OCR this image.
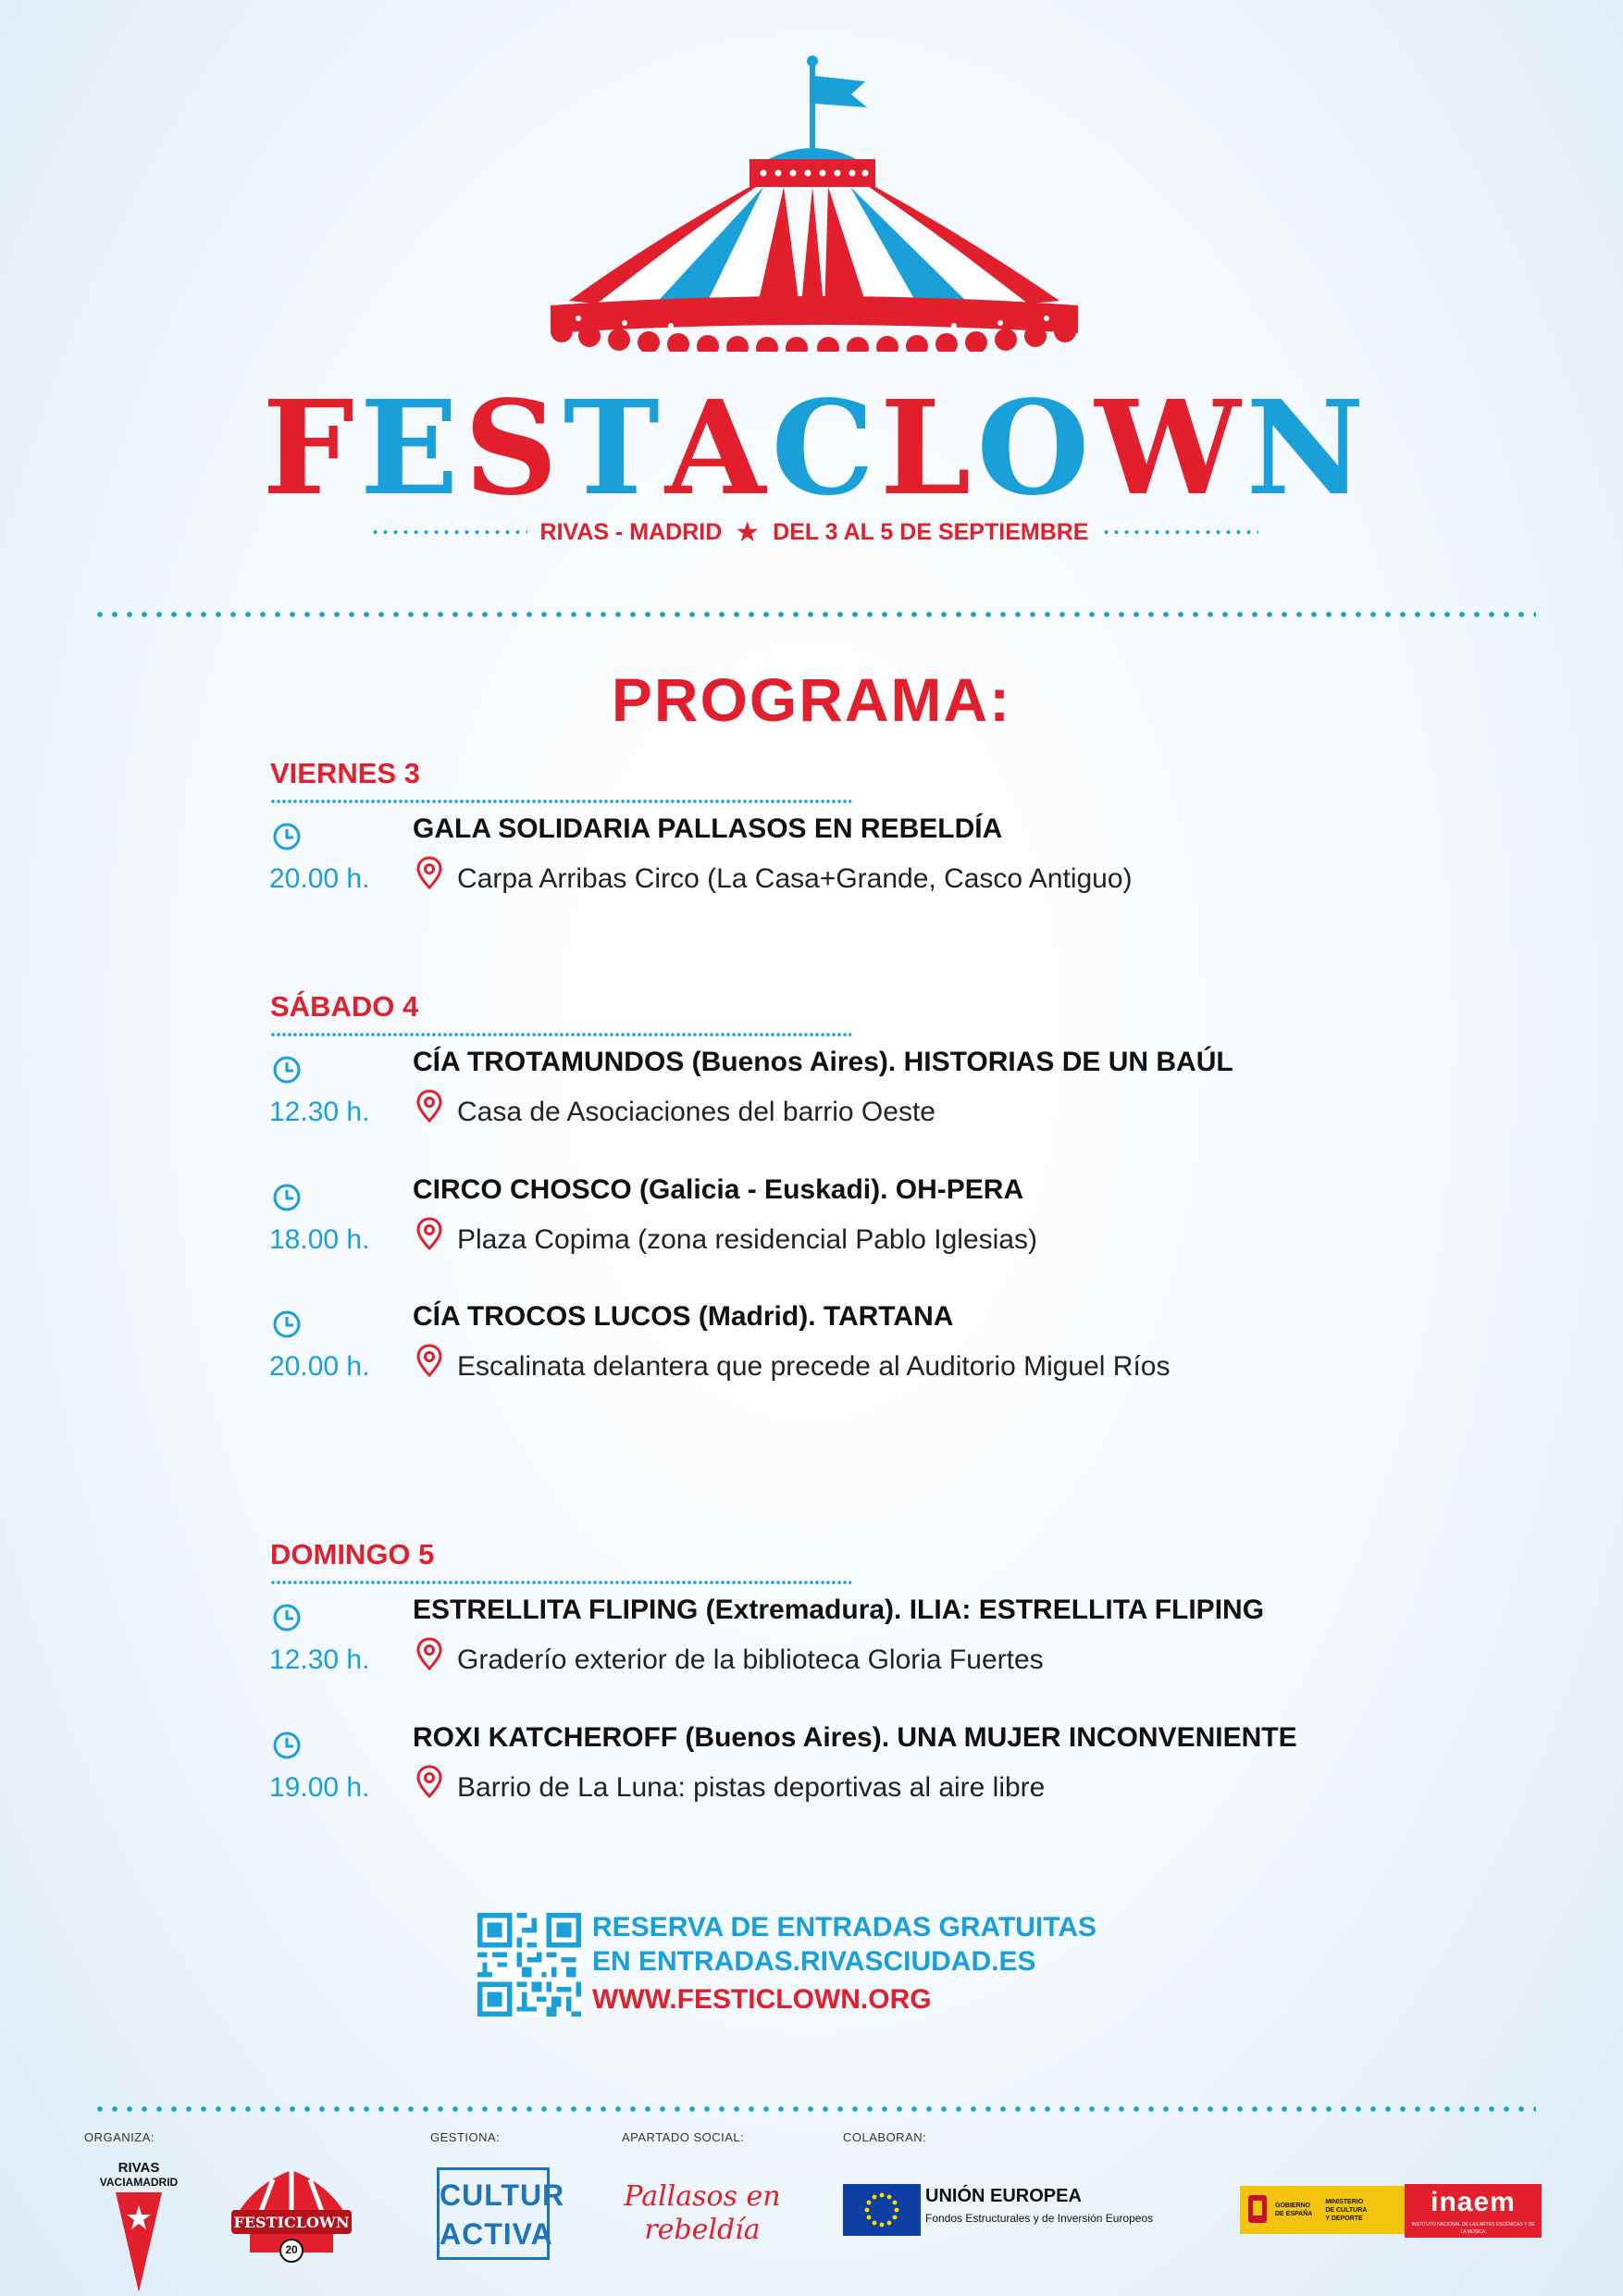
F E S T A C L O W N
RIVAS - MADRID ★ DEL 3 AL 5 DE SEPTIEMBRE
PROGRAMA:
VIERNES 3
GALA SOLIDARIA PALLASOS EN REBELDÍA
20.00 h.	Carpa Arribas Circo (La Casa+Grande, Casco Antiguo)
SÁBADO 4
CÍA TROTAMUNDOS (Buenos Aires). HISTORIAS DE UN BAÚL
12.30 h.	Casa de Asociaciones del barrio Oeste
CIRCO CHOSCO (Galicia - Euskadi). OH-PERA
18.00 h.	Plaza Copima (zona residencial Pablo Iglesias)
CÍA TROCOS LUCOS (Madrid). TARTANA
20.00 h.	Escalinata delantera que precede al Auditorio Miguel Ríos
DOMINGO 5
ESTRELLITA FLIPING (Extremadura). ILIA: ESTRELLITA FLIPING
12.30 h.	Graderío exterior de la biblioteca Gloria Fuertes
ROXI KATCHEROFF (Buenos Aires). UNA MUJER INCONVENIENTE
19.00 h.	Barrio de La Luna: pistas deportivas al aire libre
RESERVA DE ENTRADAS GRATUITAS
EN ENTRADAS.RIVASCIUDAD.ES
WWW.FESTICLOWN.ORG
ORGANIZA:	GESTIONA:	APARTADO SOCIAL:	COLABORAN:
RIVAS
VACIAMADRID
FESTICLOWN
20
CULTUR
ACTIVA
Pallasos en
rebeldía
UNIÓN EUROPEA
Fondos Estructurales y de Inversión Europeos
GOBIERNO
DE ESPAÑA
MINISTERIO
DE CULTURA
Y DEPORTE
inaem
INSTITUTO NACIONAL DE LAS ARTES ESCÉNICAS Y DE LA MÚSICA
